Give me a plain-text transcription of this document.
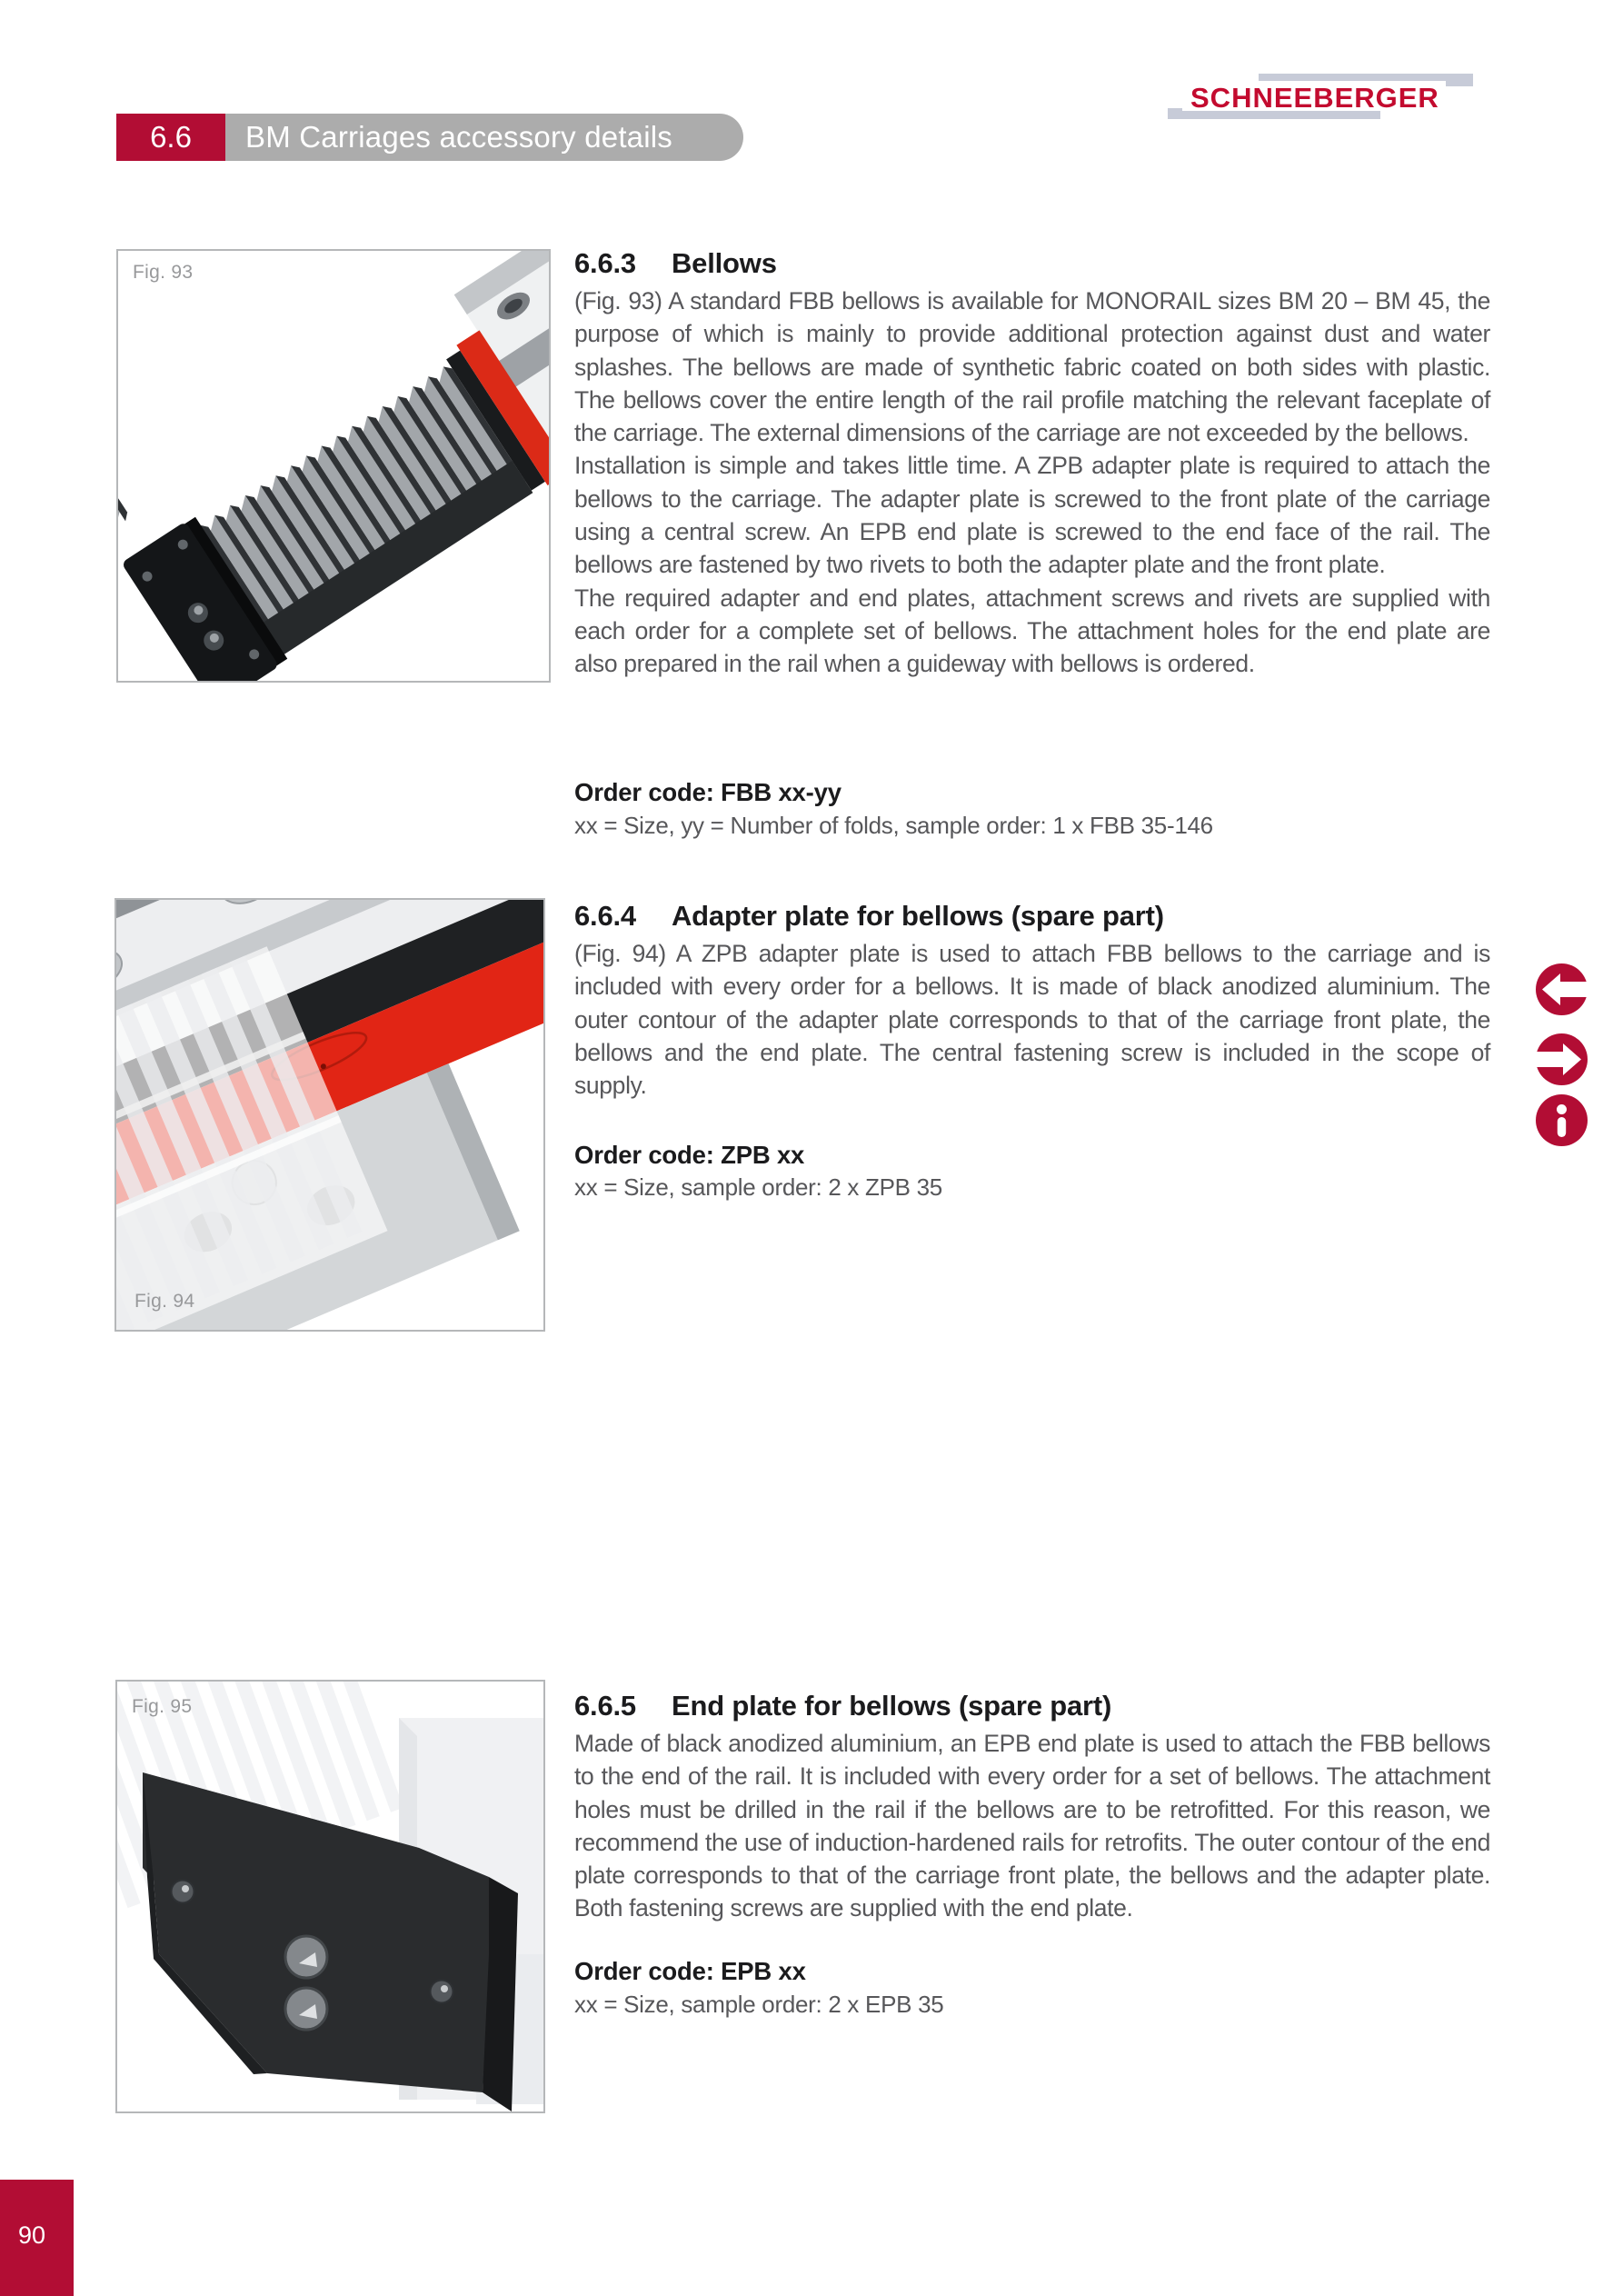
6.6	BM Carriages accessory details
SCHNEEBERGER
Fig. 93
Fig. 94
Fig. 95
6.6.3 Bellows

(Fig. 93) A standard FBB bellows is available for MONORAIL sizes BM 20 – BM 45, the purpose of which is mainly to provide additional protection against dust and water splashes. The bellows are made of synthetic fabric coated on both sides with plastic. The bellows cover the entire length of the rail profile matching the relevant faceplate of the carriage. The external dimensions of the carriage are not exceeded by the bellows.

Installation is simple and takes little time. A ZPB adapter plate is required to attach the bellows to the carriage. The adapter plate is screwed to the front plate of the carriage using a central screw. An EPB end plate is screwed to the end face of the rail. The bellows are fastened by two rivets to both the adapter plate and the front plate.

The required adapter and end plates, attachment screws and rivets are supplied with each order for a complete set of bellows. The attachment holes for the end plate are also prepared in the rail when a guideway with bellows is ordered.

Order code: FBB xx-yy
xx = Size, yy = Number of folds, sample order: 1 x FBB 35-146
6.6.4 Adapter plate for bellows (spare part)

(Fig. 94) A ZPB adapter plate is used to attach FBB bellows to the carriage and is included with every order for a bellows. It is made of black anodized aluminium. The outer contour of the adapter plate corresponds to that of the carriage front plate, the bellows and the end plate. The central fastening screw is included in the scope of supply.

Order code: ZPB xx
xx = Size, sample order: 2 x ZPB 35
6.6.5 End plate for bellows (spare part)

Made of black anodized aluminium, an EPB end plate is used to attach the FBB bellows to the end of the rail. It is included with every order for a set of bellows. The attachment holes must be drilled in the rail if the bellows are to be retrofitted. For this reason, we recommend the use of induction-hardened rails for retrofits. The outer contour of the end plate corresponds to that of the carriage front plate, the bellows and the adapter plate. Both fastening screws are supplied with the end plate.

Order code: EPB xx
xx = Size, sample order: 2 x EPB 35
90
